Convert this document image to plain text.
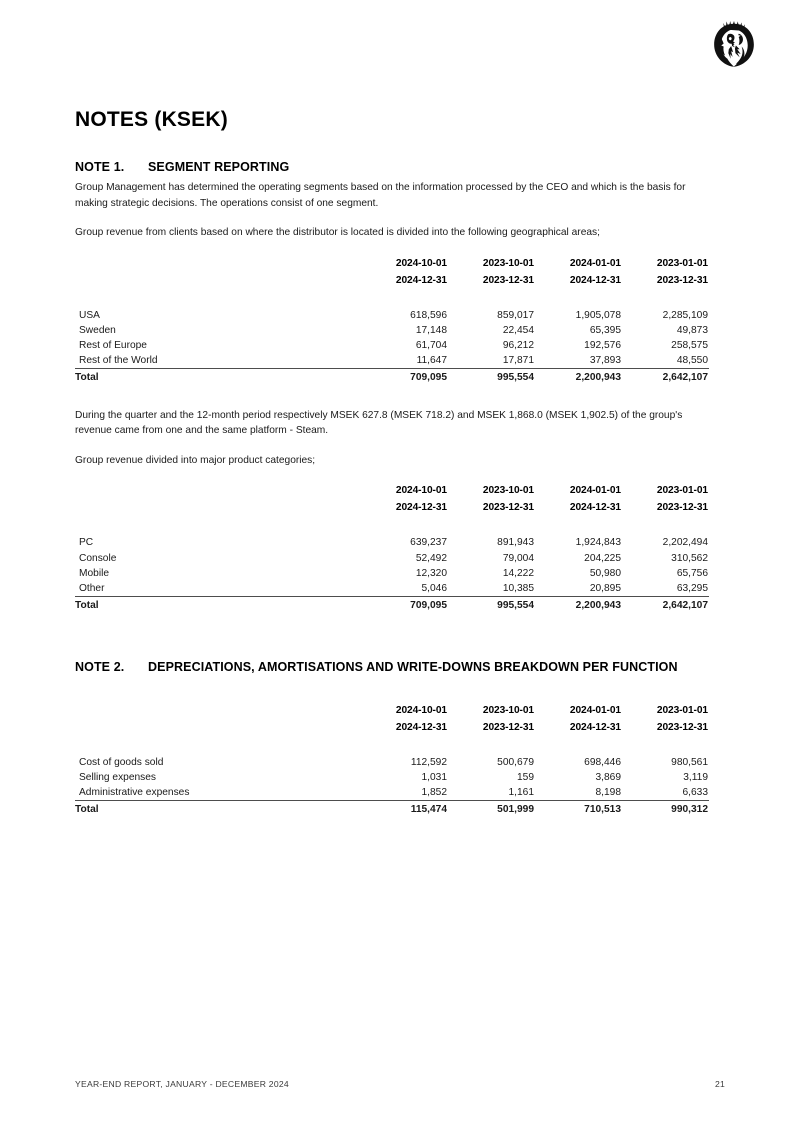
NOTES (KSEK)
NOTE 1.	SEGMENT REPORTING

Group Management has determined the operating segments based on the information processed by the CEO and which is the basis for making strategic decisions. The operations consist of one segment.

Group revenue from clients based on where the distributor is located is divided into the following geographical areas;

	2024-10-01	2023-10-01	2024-01-01	2023-01-01
	2024-12-31	2023-12-31	2024-12-31	2023-12-31

USA	618,596	859,017	1,905,078	2,285,109
Sweden	17,148	22,454	65,395	49,873
Rest of Europe	61,704	96,212	192,576	258,575
Rest of the World	11,647	17,871	37,893	48,550
Total	709,095	995,554	2,200,943	2,642,107

During the quarter and the 12-month period respectively MSEK 627.8 (MSEK 718.2) and MSEK 1,868.0 (MSEK 1,902.5) of the group's revenue came from one and the same platform - Steam.

Group revenue divided into major product categories;

	2024-10-01	2023-10-01	2024-01-01	2023-01-01
	2024-12-31	2023-12-31	2024-12-31	2023-12-31

PC	639,237	891,943	1,924,843	2,202,494
Console	52,492	79,004	204,225	310,562
Mobile	12,320	14,222	50,980	65,756
Other	5,046	10,385	20,895	63,295
Total	709,095	995,554	2,200,943	2,642,107
NOTE 2.	DEPRECIATIONS, AMORTISATIONS AND WRITE-DOWNS BREAKDOWN PER FUNCTION
	2024-10-01	2023-10-01	2024-01-01	2023-01-01
	2024-12-31	2023-12-31	2024-12-31	2023-12-31

Cost of goods sold	112,592	500,679	698,446	980,561
Selling expenses	1,031	159	3,869	3,119
Administrative expenses	1,852	1,161	8,198	6,633
Total	115,474	501,999	710,513	990,312
YEAR-END REPORT, JANUARY - DECEMBER 2024	21
